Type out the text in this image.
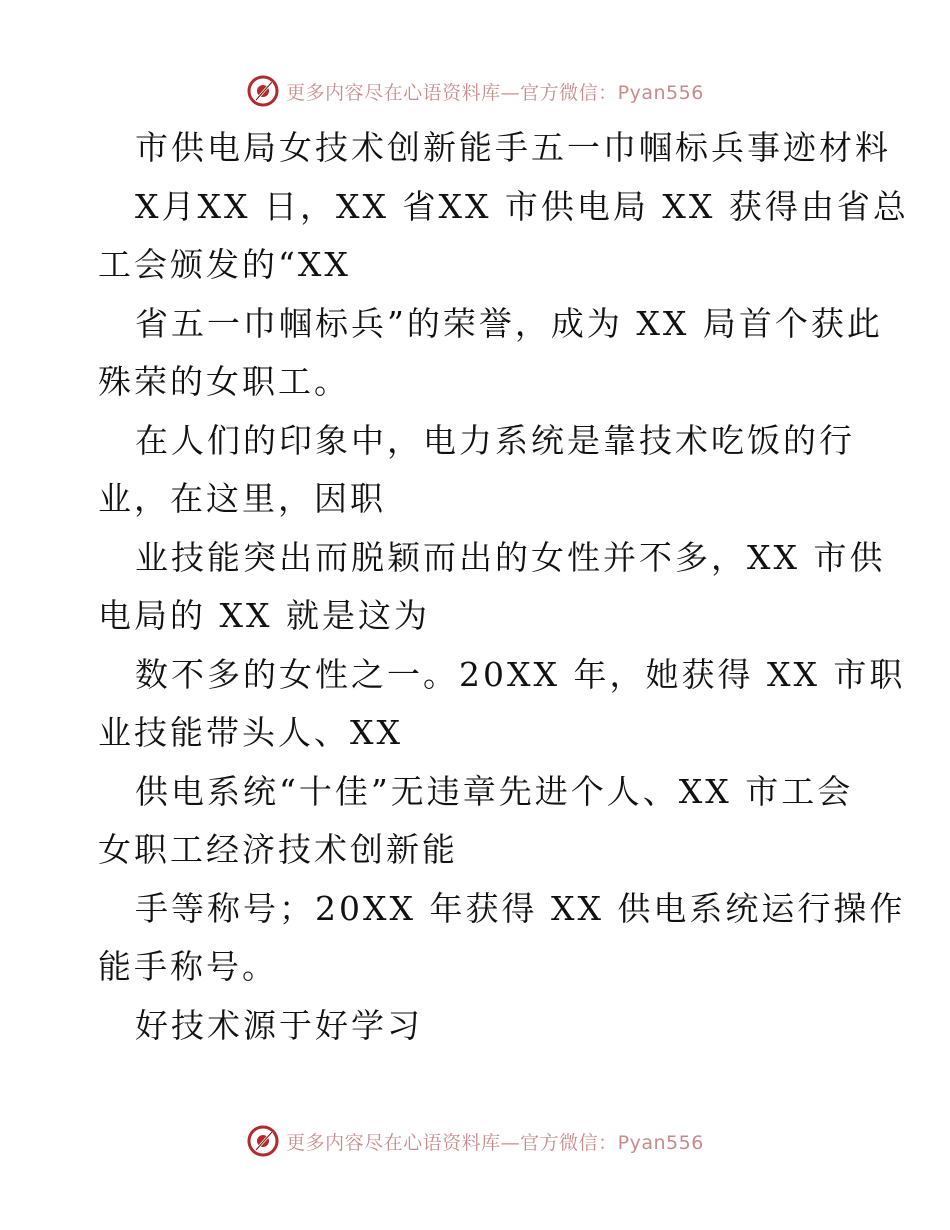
更多内容尽在心语资料库—官方微信：Pyan556
市供电局女技术创新能手五一巾帼标兵事迹材料
X月XX 日，XX 省XX 市供电局 XX 获得由省总
工会颁发的“XX
省五一巾帼标兵”的荣誉，成为 XX 局首个获此
殊荣的女职工。
在人们的印象中，电力系统是靠技术吃饭的行
业，在这里，因职
业技能突出而脱颖而出的女性并不多，XX 市供
电局的 XX 就是这为
数不多的女性之一。20XX 年，她获得 XX 市职
业技能带头人、XX
供电系统“十佳”无违章先进个人、XX 市工会
女职工经济技术创新能
手等称号；20XX 年获得 XX 供电系统运行操作
能手称号。
好技术源于好学习
更多内容尽在心语资料库—官方微信：Pyan556
